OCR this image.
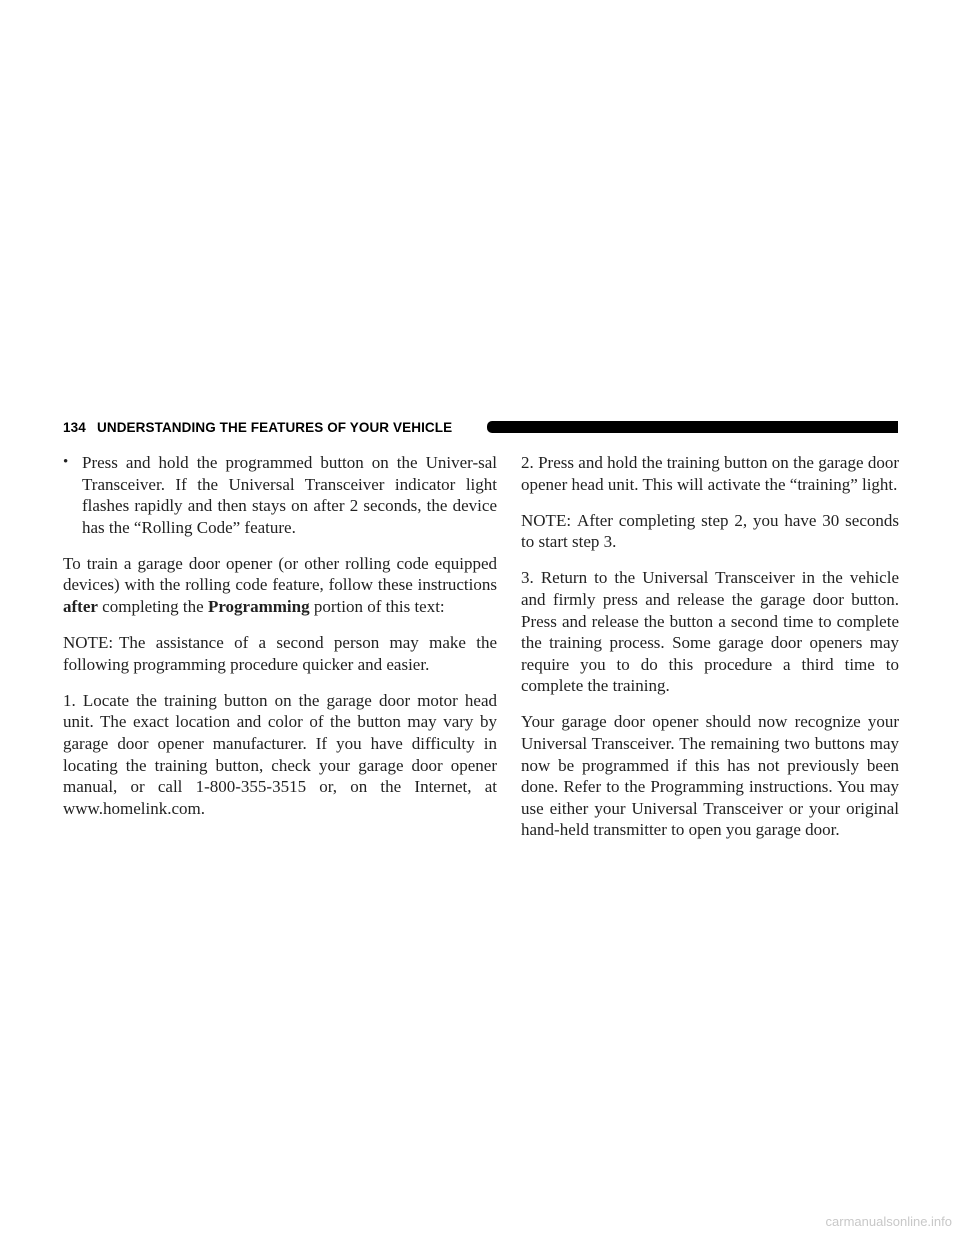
134 UNDERSTANDING THE FEATURES OF YOUR VEHICLE
• Press and hold the programmed button on the Univer-sal Transceiver. If the Universal Transceiver indicator light flashes rapidly and then stays on after 2 seconds, the device has the “Rolling Code” feature.

To train a garage door opener (or other rolling code equipped devices) with the rolling code feature, follow these instructions after completing the Programming portion of this text:

NOTE: The assistance of a second person may make the following programming procedure quicker and easier.

1. Locate the training button on the garage door motor head unit. The exact location and color of the button may vary by garage door opener manufacturer. If you have difficulty in locating the training button, check your garage door opener manual, or call 1-800-355-3515 or, on the Internet, at www.homelink.com.

2. Press and hold the training button on the garage door opener head unit. This will activate the “training” light.

NOTE: After completing step 2, you have 30 seconds to start step 3.

3. Return to the Universal Transceiver in the vehicle and firmly press and release the garage door button. Press and release the button a second time to complete the training process. Some garage door openers may require you to do this procedure a third time to complete the training.

Your garage door opener should now recognize your Universal Transceiver. The remaining two buttons may now be programmed if this has not previously been done. Refer to the Programming instructions. You may use either your Universal Transceiver or your original hand-held transmitter to open you garage door.

carmanualsonline.info
